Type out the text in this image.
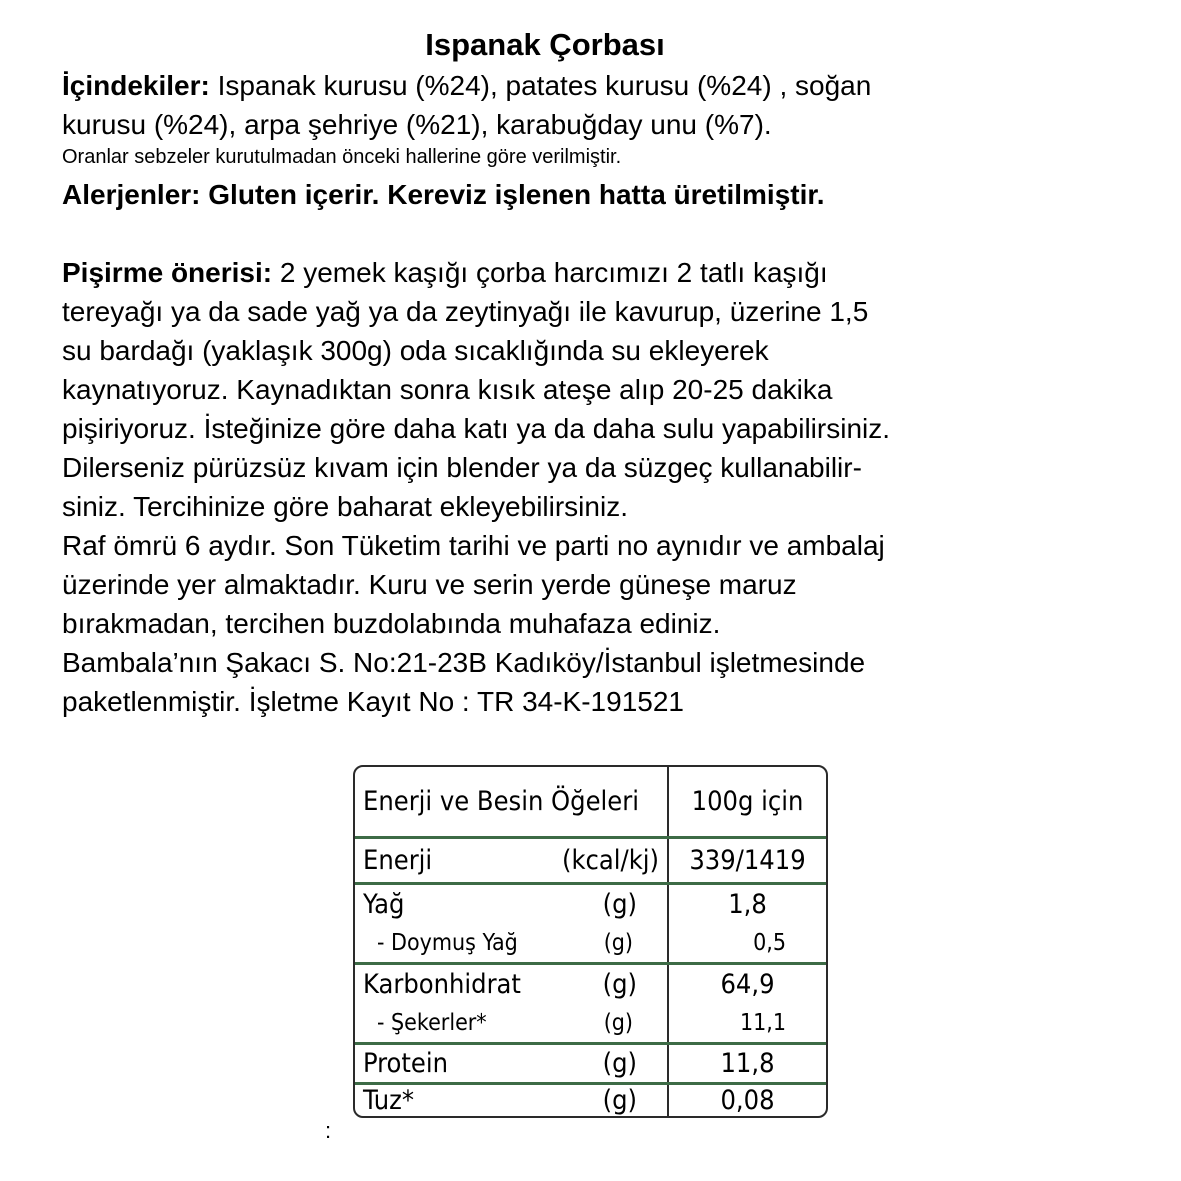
Ispanak Çorbası
İçindekiler: Ispanak kurusu (%24), patates kurusu (%24) , soğan
kurusu (%24), arpa şehriye (%21), karabuğday unu (%7).
Oranlar sebzeler kurutulmadan önceki hallerine göre verilmiştir.
Alerjenler: Gluten içerir. Kereviz işlenen hatta üretilmiştir.
Pişirme önerisi: 2 yemek kaşığı çorba harcımızı 2 tatlı kaşığı
tereyağı ya da sade yağ ya da zeytinyağı ile kavurup, üzerine 1,5
su bardağı (yaklaşık 300g) oda sıcaklığında su ekleyerek
kaynatıyoruz. Kaynadıktan sonra kısık ateşe alıp 20-25 dakika
pişiriyoruz. İsteğinize göre daha katı ya da daha sulu yapabilirsiniz.
Dilerseniz pürüzsüz kıvam için blender ya da süzgeç kullanabilir-
siniz. Tercihinize göre baharat ekleyebilirsiniz.
Raf ömrü 6 aydır. Son Tüketim tarihi ve parti no aynıdır ve ambalaj
üzerinde yer almaktadır. Kuru ve serin yerde güneşe maruz
bırakmadan, tercihen buzdolabında muhafaza ediniz.
Bambala’nın Şakacı S. No:21-23B Kadıköy/İstanbul işletmesinde
paketlenmiştir. İşletme Kayıt No : TR 34-K-191521
Enerji ve Besin Öğeleri	100g için
Enerji (kcal/kj)	339/1419
Yağ (g)	1,8
- Doymuş Yağ (g)	0,5
Karbonhidrat (g)	64,9
- Şekerler* (g)	11,1
Protein (g)	11,8
Tuz* (g)	0,08
:
